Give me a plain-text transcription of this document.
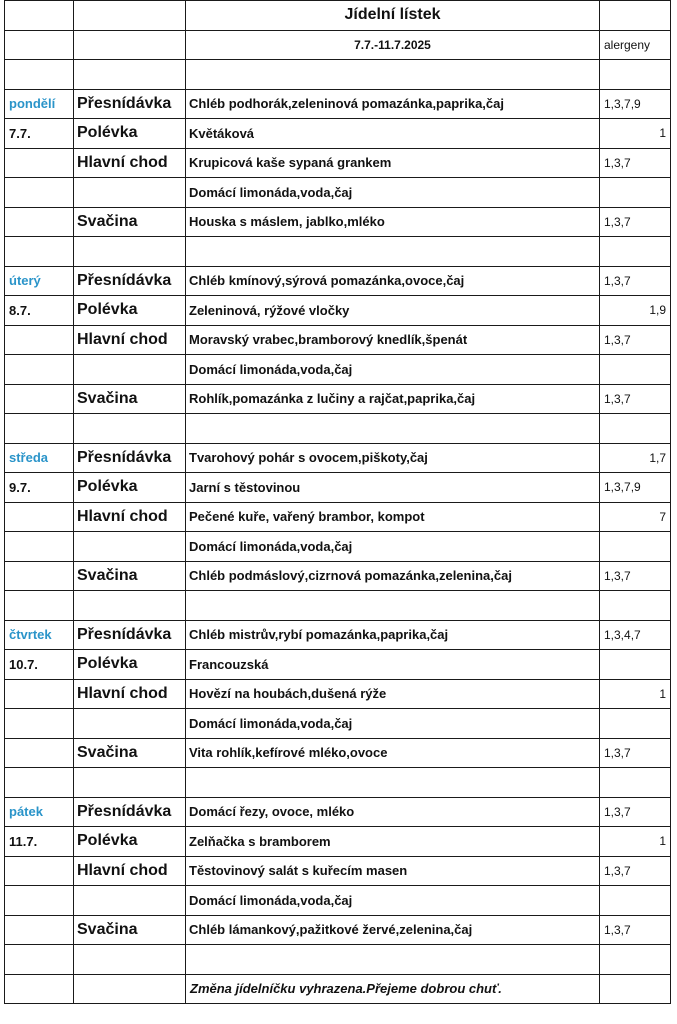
		Jídelní lístek	
		7.7.-11.7.2025	alergeny

pondělí	Přesnídávka	Chléb podhorák,zeleninová pomazánka,paprika,čaj	1,3,7,9
7.7.	Polévka	Květáková	1
	Hlavní chod	Krupicová kaše sypaná grankem	1,3,7
		Domácí limonáda,voda,čaj	
	Svačina	Houska s máslem, jablko,mléko	1,3,7

úterý	Přesnídávka	Chléb kmínový,sýrová pomazánka,ovoce,čaj	1,3,7
8.7.	Polévka	Zeleninová, rýžové vločky	1,9
	Hlavní chod	Moravský vrabec,bramborový knedlík,špenát	1,3,7
		Domácí limonáda,voda,čaj	
	Svačina	Rohlík,pomazánka z lučiny a rajčat,paprika,čaj	1,3,7

středa	Přesnídávka	Tvarohový pohár s ovocem,piškoty,čaj	1,7
9.7.	Polévka	Jarní s těstovinou	1,3,7,9
	Hlavní chod	Pečené kuře, vařený brambor, kompot	7
		Domácí limonáda,voda,čaj	
	Svačina	Chléb podmáslový,cizrnová pomazánka,zelenina,čaj	1,3,7

čtvrtek	Přesnídávka	Chléb mistrův,rybí pomazánka,paprika,čaj	1,3,4,7
10.7.	Polévka	Francouzská	
	Hlavní chod	Hovězí na houbách,dušená rýže	1
		Domácí limonáda,voda,čaj	
	Svačina	Vita rohlík,kefírové mléko,ovoce	1,3,7

pátek	Přesnídávka	Domácí řezy, ovoce, mléko	1,3,7
11.7.	Polévka	Zelňačka s bramborem	1
	Hlavní chod	Těstovinový salát s kuřecím masen	1,3,7
		Domácí limonáda,voda,čaj	
	Svačina	Chléb lámankový,pažitkové žervé,zelenina,čaj	1,3,7

		Změna jídelníčku vyhrazena.Přejeme dobrou chuť.	
